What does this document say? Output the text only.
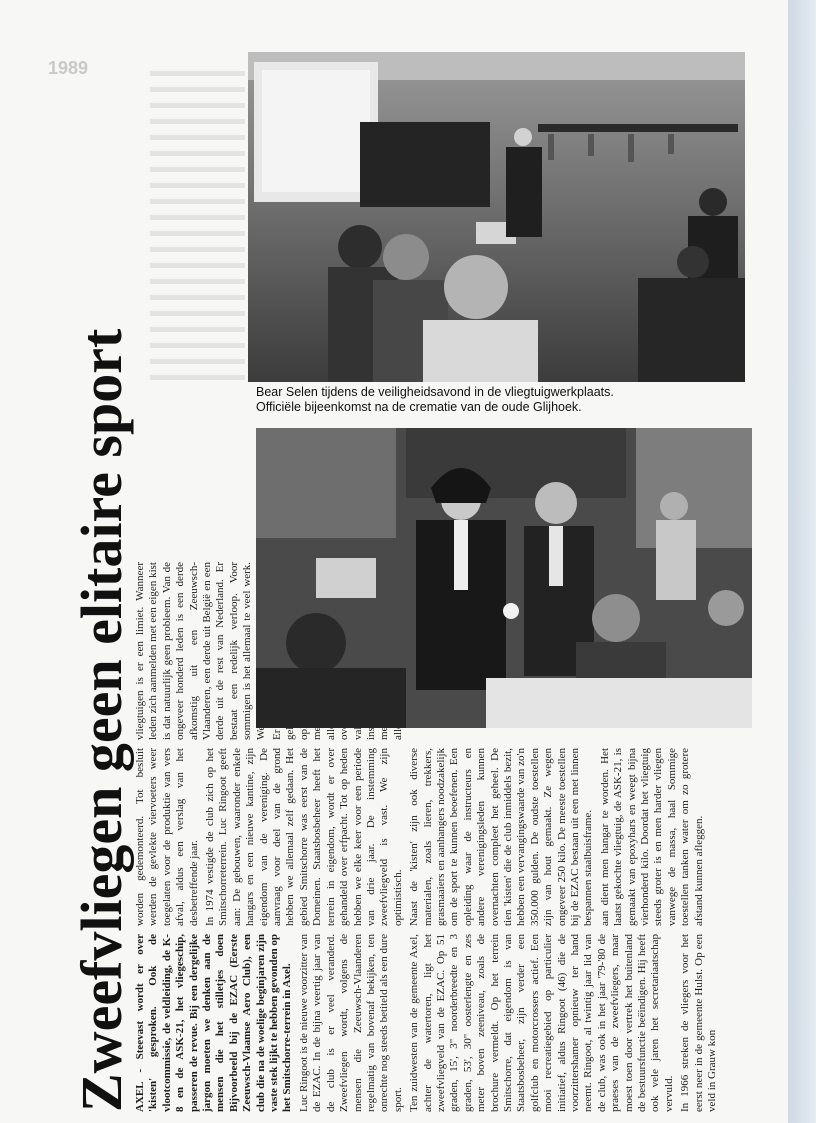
1989
Zweefvliegen geen elitaire sport AXEL - Steevast wordt er over 'kisten' gesproken. Ook de vlootcommissie, de veldleiding, de K-8 en de ASK-21, het vliegeschip, passeren de revue. Bij een dergelijke jargon moeten we denken aan de mensen die het stilletjes doen Bijvoorbeeld bij de EZAC (Eerste Zeeuwsch-Vlaamse Aero Club), een club die na de woelige beginjaren zijn vaste stek lijkt te hebben gevonden op het Smitschorre-terrein in Axel. Luc Ringoot is de nieuwe voorzitter van de EZAC. In de bijna veertig jaar van de club is er veel veranderd. Zweefvliegen wordt, volgens de mensen die Zeeuwsch-Vlaanderen regelmatig van bovenaf bekijken, ten onrechte nog steeds betiteld als een dure sport. Ten zuidwesten van de gemeente Axel, achter de watertoren, ligt het zweefvliegveld van de EZAC. Op 51 graden, 15', 3" noorderbreedte en 3 graden, 53', 30" oosterlengte en zes meter boven zeeniveau, zoals de brochure vermeldt. Op het terrein Smitschorre, dat eigendom is van Staatsbosbeheer, zijn verder een golfclub en motorcrossers actief. Een mooi recreatiegebied op particulier initiatief, aldus Ringoot (46) die de voorzittershamer opnieuw ter hand neemt. Ringoot, al twintig jaar lid van de club, was ook in het jaar '79-'80 de praeses van de zweefvliegers, maar moest toen door vertrek het buitenland de bestuursfunctie beëindigen. Hij heeft ook vele jaren het secretariaatschap vervuld. In 1966 streken de vliegers voor het eerst neer in de gemeente Hulst. Op een veld in Grauw kon

worden gedemonteerd. Tot besluit werden de gevlekte viervoeters weer toegelaten voor de produktie van vers afval, aldus een verslag van het desbetreffende jaar. In 1974 vestigde de club zich op het Smitschorreterrein. Luc Ringoot geeft aan: De gebouwen, waaronder enkele hangars en een nieuwe kantine, zijn eigendom van de vereniging. De aanvraag voor deel van de grond hebben we allemaal zelf gedaan. Het gebied Smitschorre was eerst van de Domeinen. Staatsbosbeheer heeft het terrein in eigendom, wordt er over gehandeld over erfpacht. Tot op heden hebben we elke keer voor een periode van drie jaar. De instemming zweefvliegveld is vast. We zijn optimistisch. Naast de 'kisten' zijn ook diverse materialen, zoals lieren, trekkers, grasmaaiers en aanhangers noodzakelijk om de sport te kunnen beoefenen. Een opleiding waar de instructeurs en andere verenigingsleden kunnen overnachten compleet het geheel. De tien 'kisten' die de club inmiddels bezit, hebben een vervangingswaarde van zo'n 350.000 gulden. De oudste toestellen zijn van hout gemaakt. Ze wegen ongeveer 250 kilo. De meeste toestellen bij de EZAC bestaan uit een met linnen bespannen staalbuisframe. aan dient men hangar te worden. Het laatst gekochte vliegtuig, de ASK-21, is gemaakt van epoxyhars en weegt bijna vierhonderd kilo. Doordat het vliegtuig steeds groter is en men harder vliegen vanwege de massa, haal Sommige toestellen tanken water om zo grotere afstand kunnen afleggen.

vliegtuigen is er een limiet. Wanneer leden zich aanmelden met een eigen kist is dat natuurlijk geen probleem. Van de ongeveer honderd leden is een derde afkomstig uit een Zeeuwsch-Vlaanderen, een derde uit België en een derde uit de rest van Nederland. Er bestaat een redelijk verloop. Voor sommigen is het allemaal te veel werk. We Er meer

Bear Selen tijdens de veiligheidsavond in de vliegtuigwerkplaats.
Officiële bijeenkomst na de crematie van de oude Glijhoek.
